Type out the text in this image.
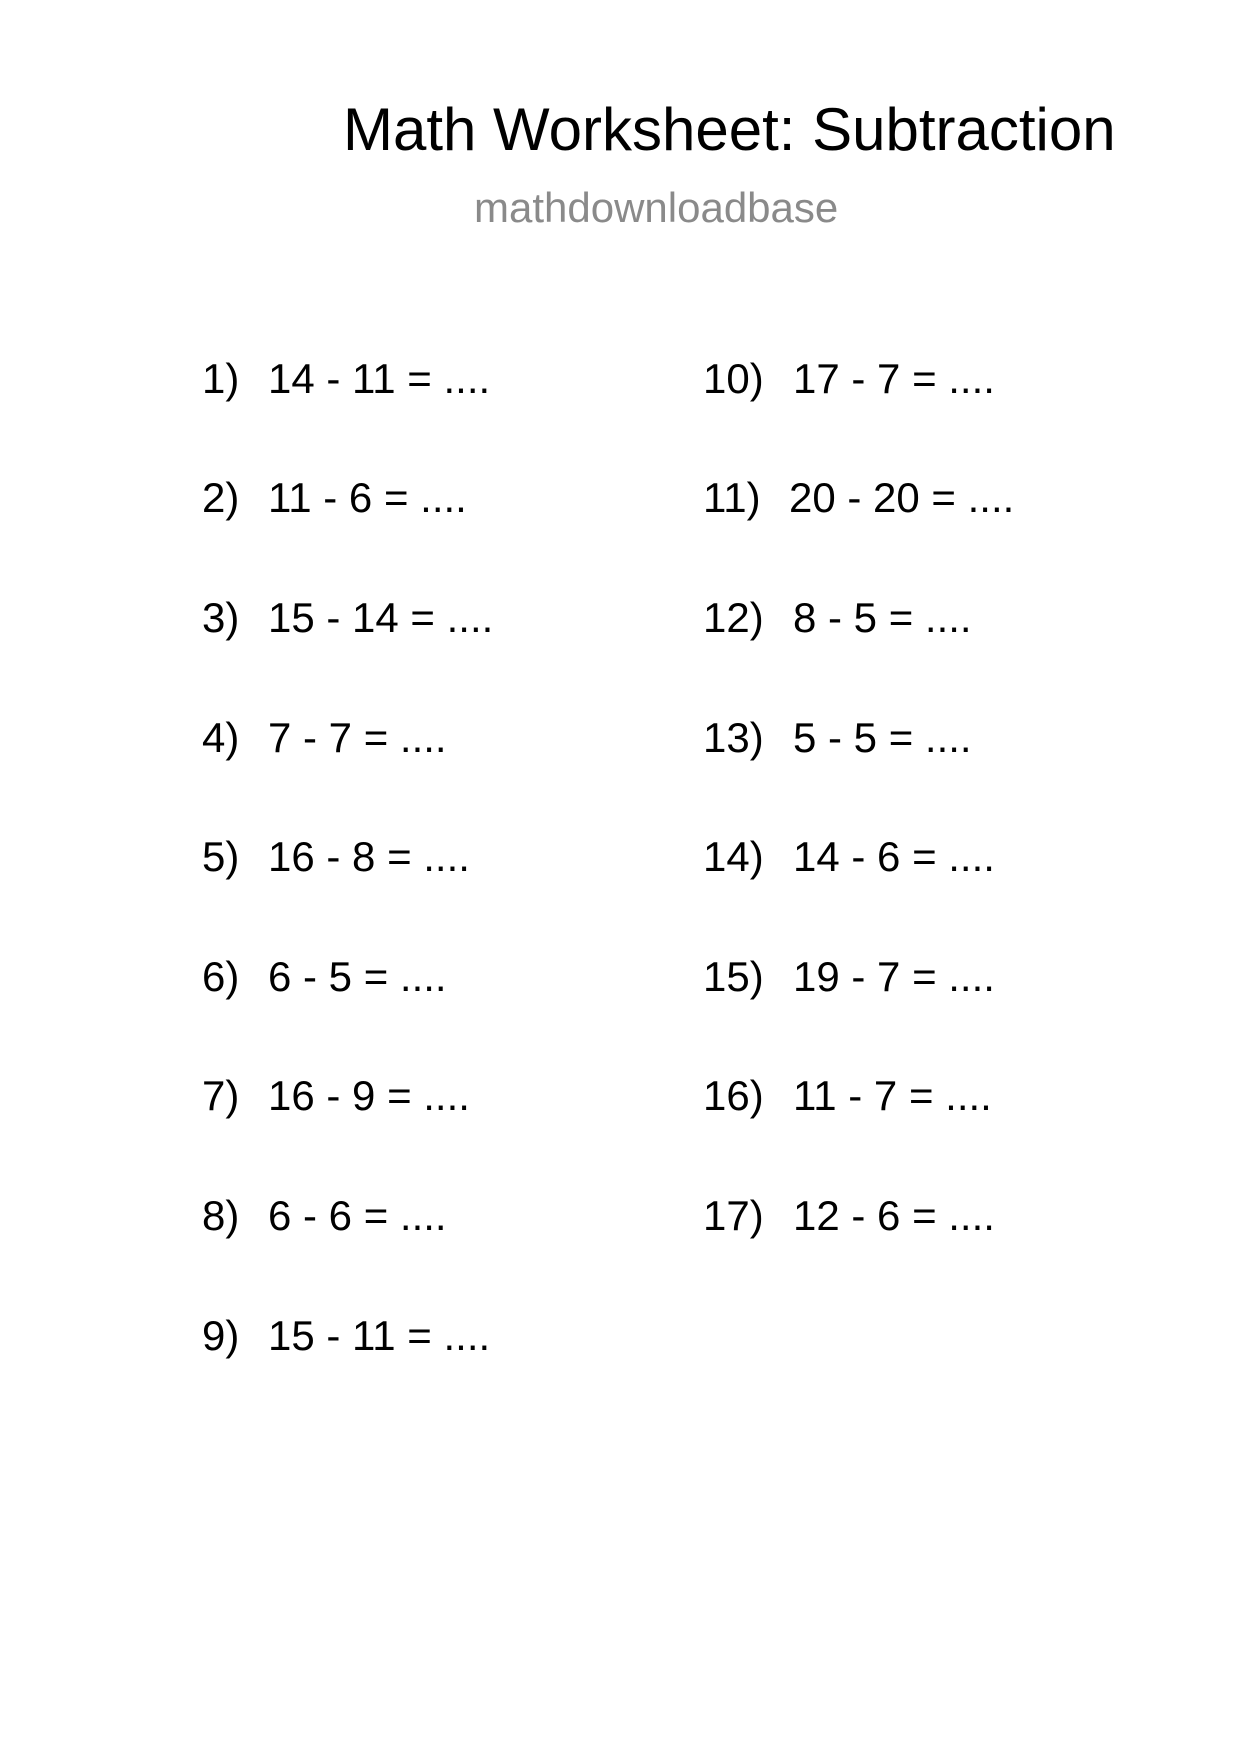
Math Worksheet: Subtraction
mathdownloadbase
1) 14 - 11 = ....
2) 11 - 6 = ....
3) 15 - 14 = ....
4) 7 - 7 = ....
5) 16 - 8 = ....
6) 6 - 5 = ....
7) 16 - 9 = ....
8) 6 - 6 = ....
9) 15 - 11 = ....
10) 17 - 7 = ....
11) 20 - 20 = ....
12) 8 - 5 = ....
13) 5 - 5 = ....
14) 14 - 6 = ....
15) 19 - 7 = ....
16) 11 - 7 = ....
17) 12 - 6 = ....
